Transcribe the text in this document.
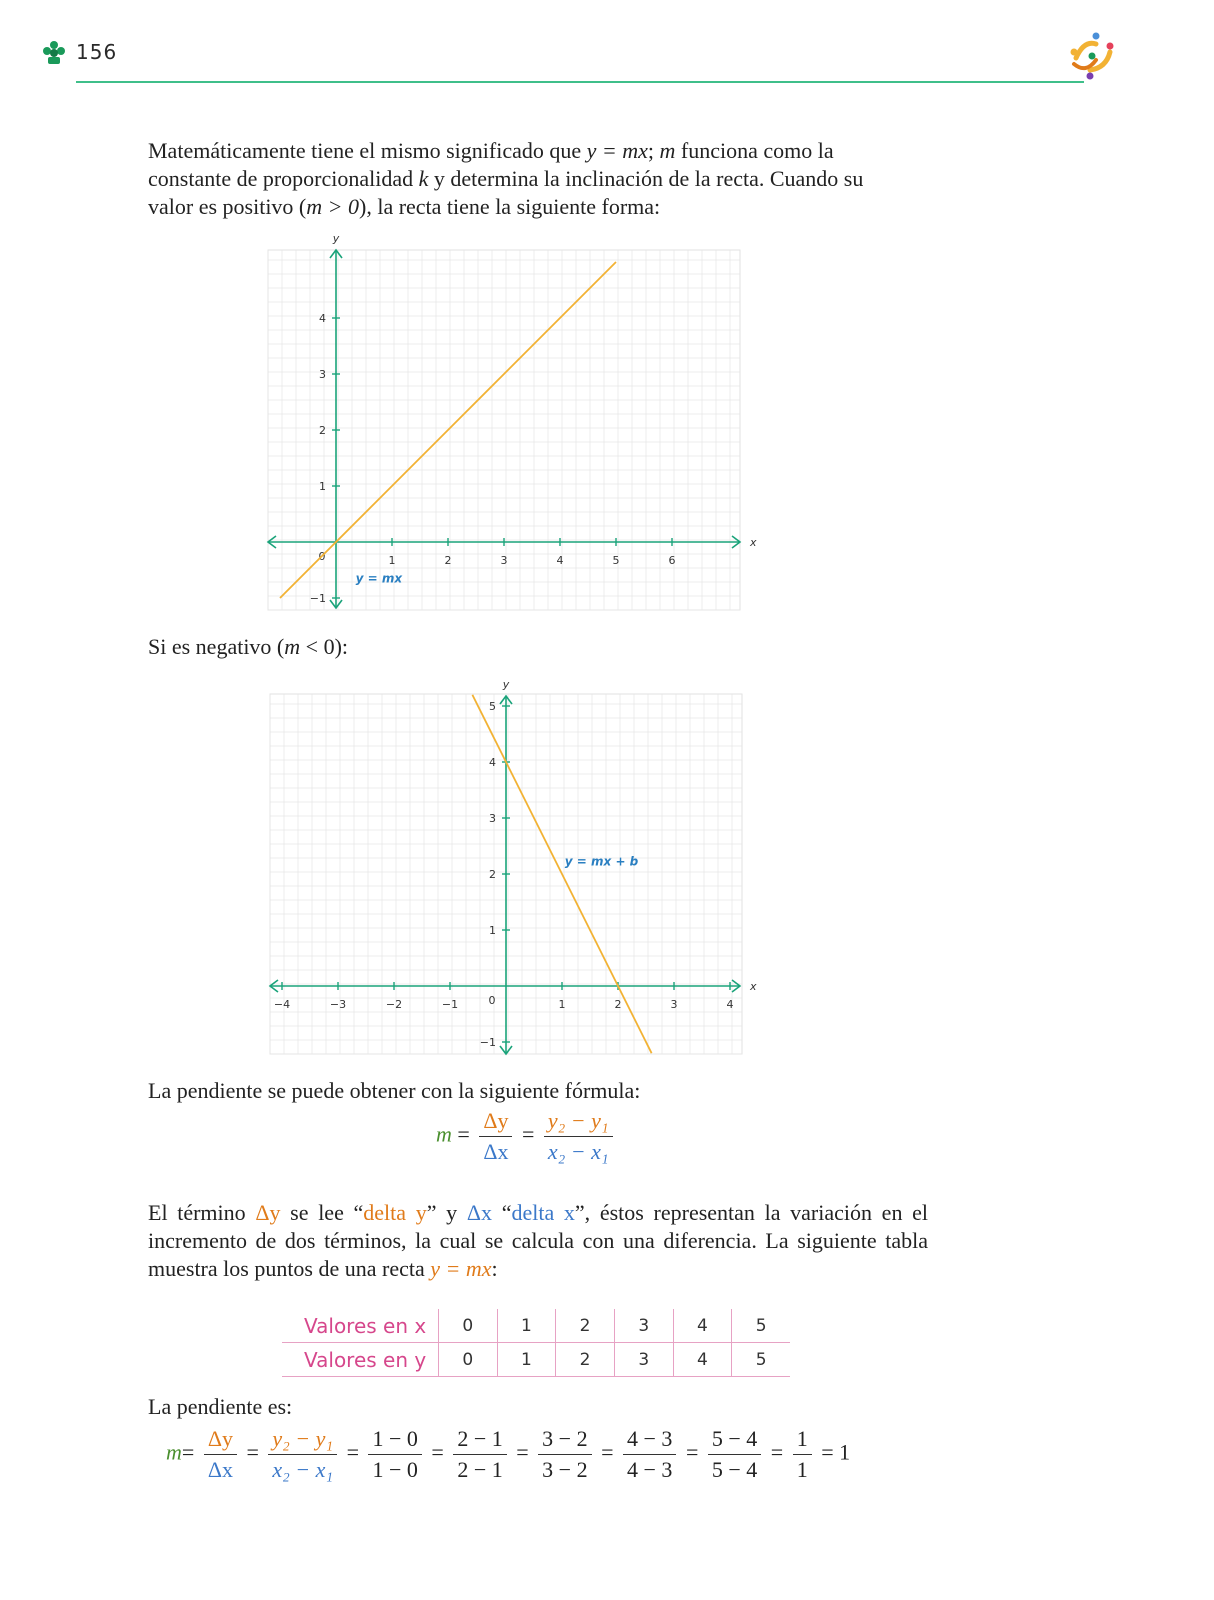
156
Matemáticamente tiene el mismo significado que y = mx; m funciona como la constante de proporcionalidad k y determina la inclinación de la recta. Cuando su valor es positivo (m > 0), la recta tiene la siguiente forma:
x
y
1	2	3	4	5	6
4
3
2
1
−1
0
y = mx
Si es negativo (m < 0):
x
y
−4	−3	−2	−1	1	2	3	4
5
4
3
2
1
−1
0
y = mx + b
La pendiente se puede obtener con la siguiente fórmula:
$m = \frac{\Delta y}{\Delta x} = \frac{\text{y₂ − y₁}}{\text{x₂ − x₁}}$
El término Δy se lee “delta y” y Δx “delta x”, éstos representan la variación en el incremento de dos términos, la cual se calcula con una diferencia. La siguiente tabla muestra los puntos de una recta y = mx:
Valores en x	0	1	2	3	4	5
Valores en y	0	1	2	3	4	5
La pendiente es:
$m= \frac{\Delta y}{\Delta x} = \frac{\text{y₂ − y₁}}{\text{x₂ − x₁}} = \frac{1 - 0}{1 - 0} = \frac{2 - 1}{2 - 1} = \frac{3 - 2}{3 - 2} = \frac{4 - 3}{4 - 3} = \frac{5 - 4}{5 - 4} = \frac{1}{1} = 1$
